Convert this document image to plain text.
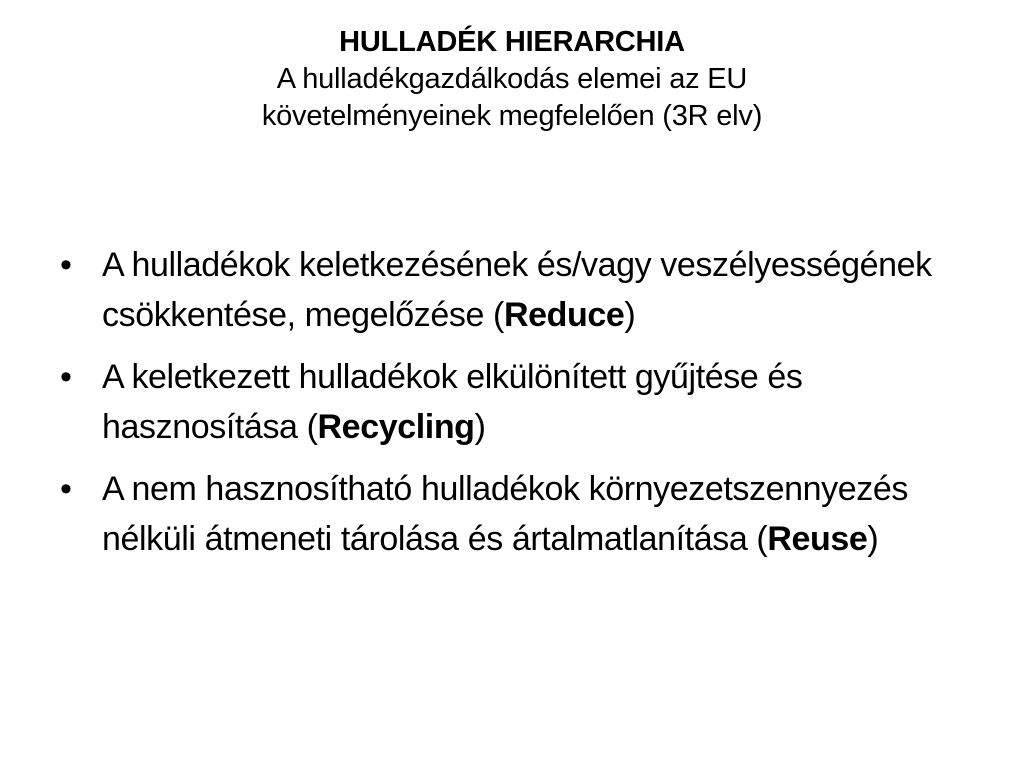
HULLADÉK HIERARCHIA
A hulladékgazdálkodás elemei az EU
követelményeinek megfelelően (3R elv)
• A hulladékok keletkezésének és/vagy veszélyességének csökkentése, megelőzése (Reduce)
• A keletkezett hulladékok elkülönített gyűjtése és hasznosítása (Recycling)
• A nem hasznosítható hulladékok környezetszennyezés nélküli átmeneti tárolása és ártalmatlanítása (Reuse)
